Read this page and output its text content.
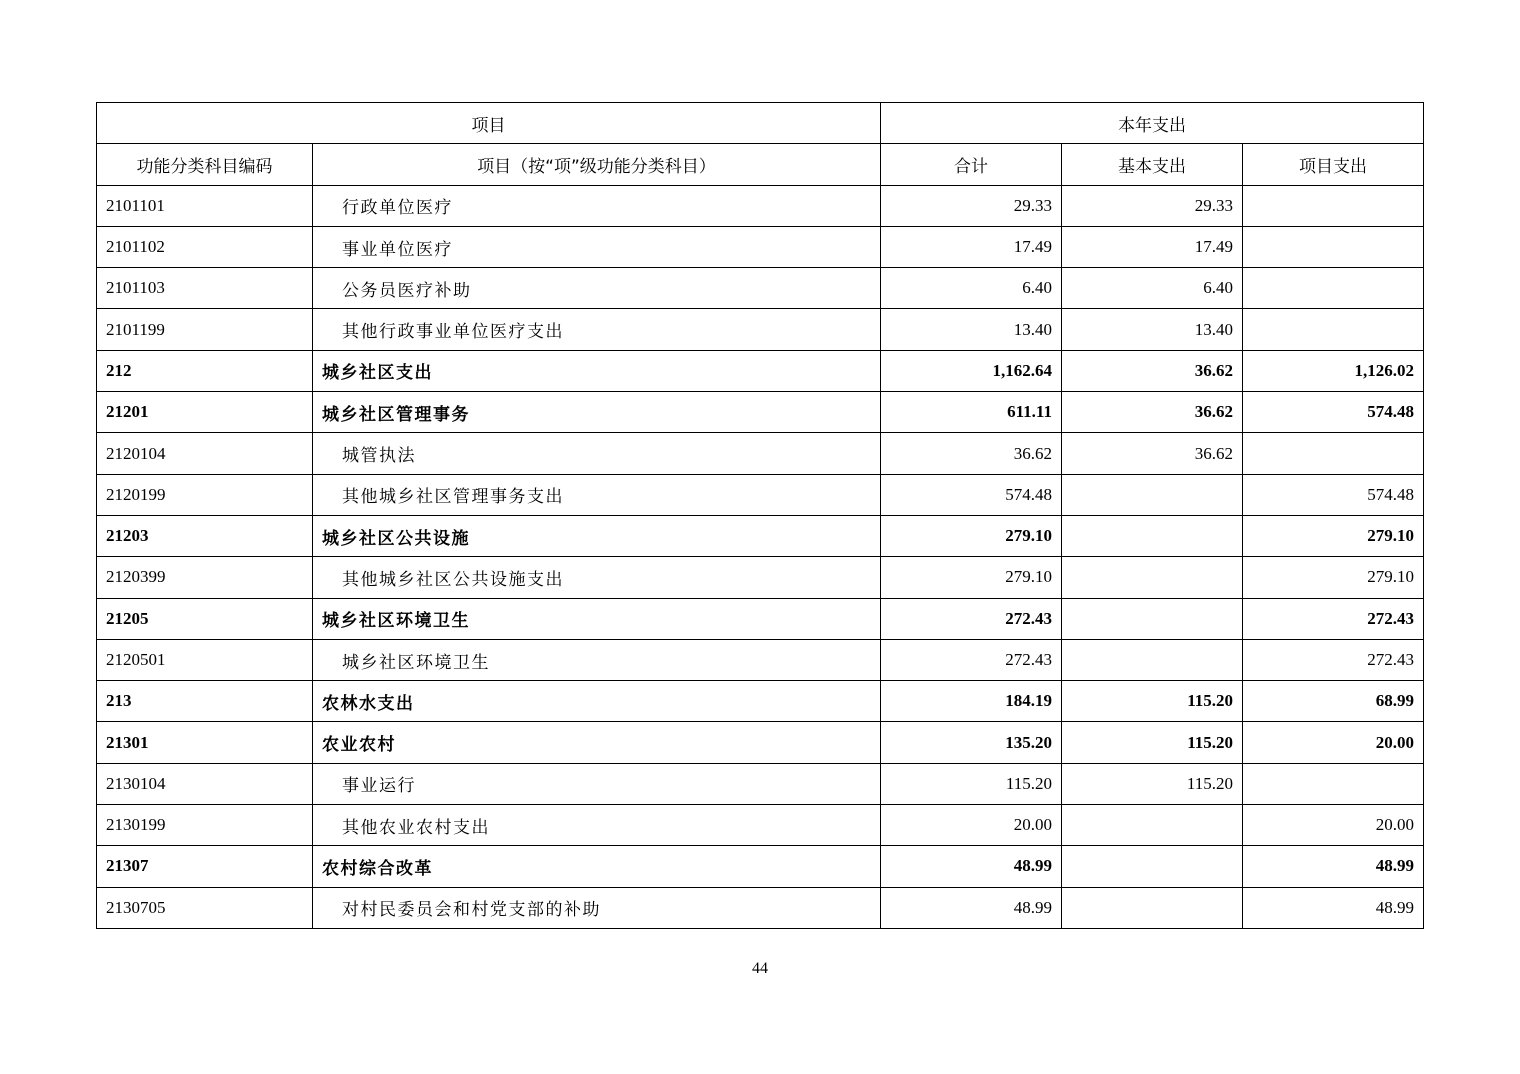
项目		本年支出		
功能分类科目编码	项目（按“项”级功能分类科目）	合计	基本支出	项目支出
2101101	行政单位医疗	29.33	29.33	
2101102	事业单位医疗	17.49	17.49	
2101103	公务员医疗补助	6.40	6.40	
2101199	其他行政事业单位医疗支出	13.40	13.40	
212	城乡社区支出	1,162.64	36.62	1,126.02
21201	城乡社区管理事务	611.11	36.62	574.48
2120104	城管执法	36.62	36.62	
2120199	其他城乡社区管理事务支出	574.48		574.48
21203	城乡社区公共设施	279.10		279.10
2120399	其他城乡社区公共设施支出	279.10		279.10
21205	城乡社区环境卫生	272.43		272.43
2120501	城乡社区环境卫生	272.43		272.43
213	农林水支出	184.19	115.20	68.99
21301	农业农村	135.20	115.20	20.00
2130104	事业运行	115.20	115.20	
2130199	其他农业农村支出	20.00		20.00
21307	农村综合改革	48.99		48.99
2130705	对村民委员会和村党支部的补助	48.99		48.99
44
